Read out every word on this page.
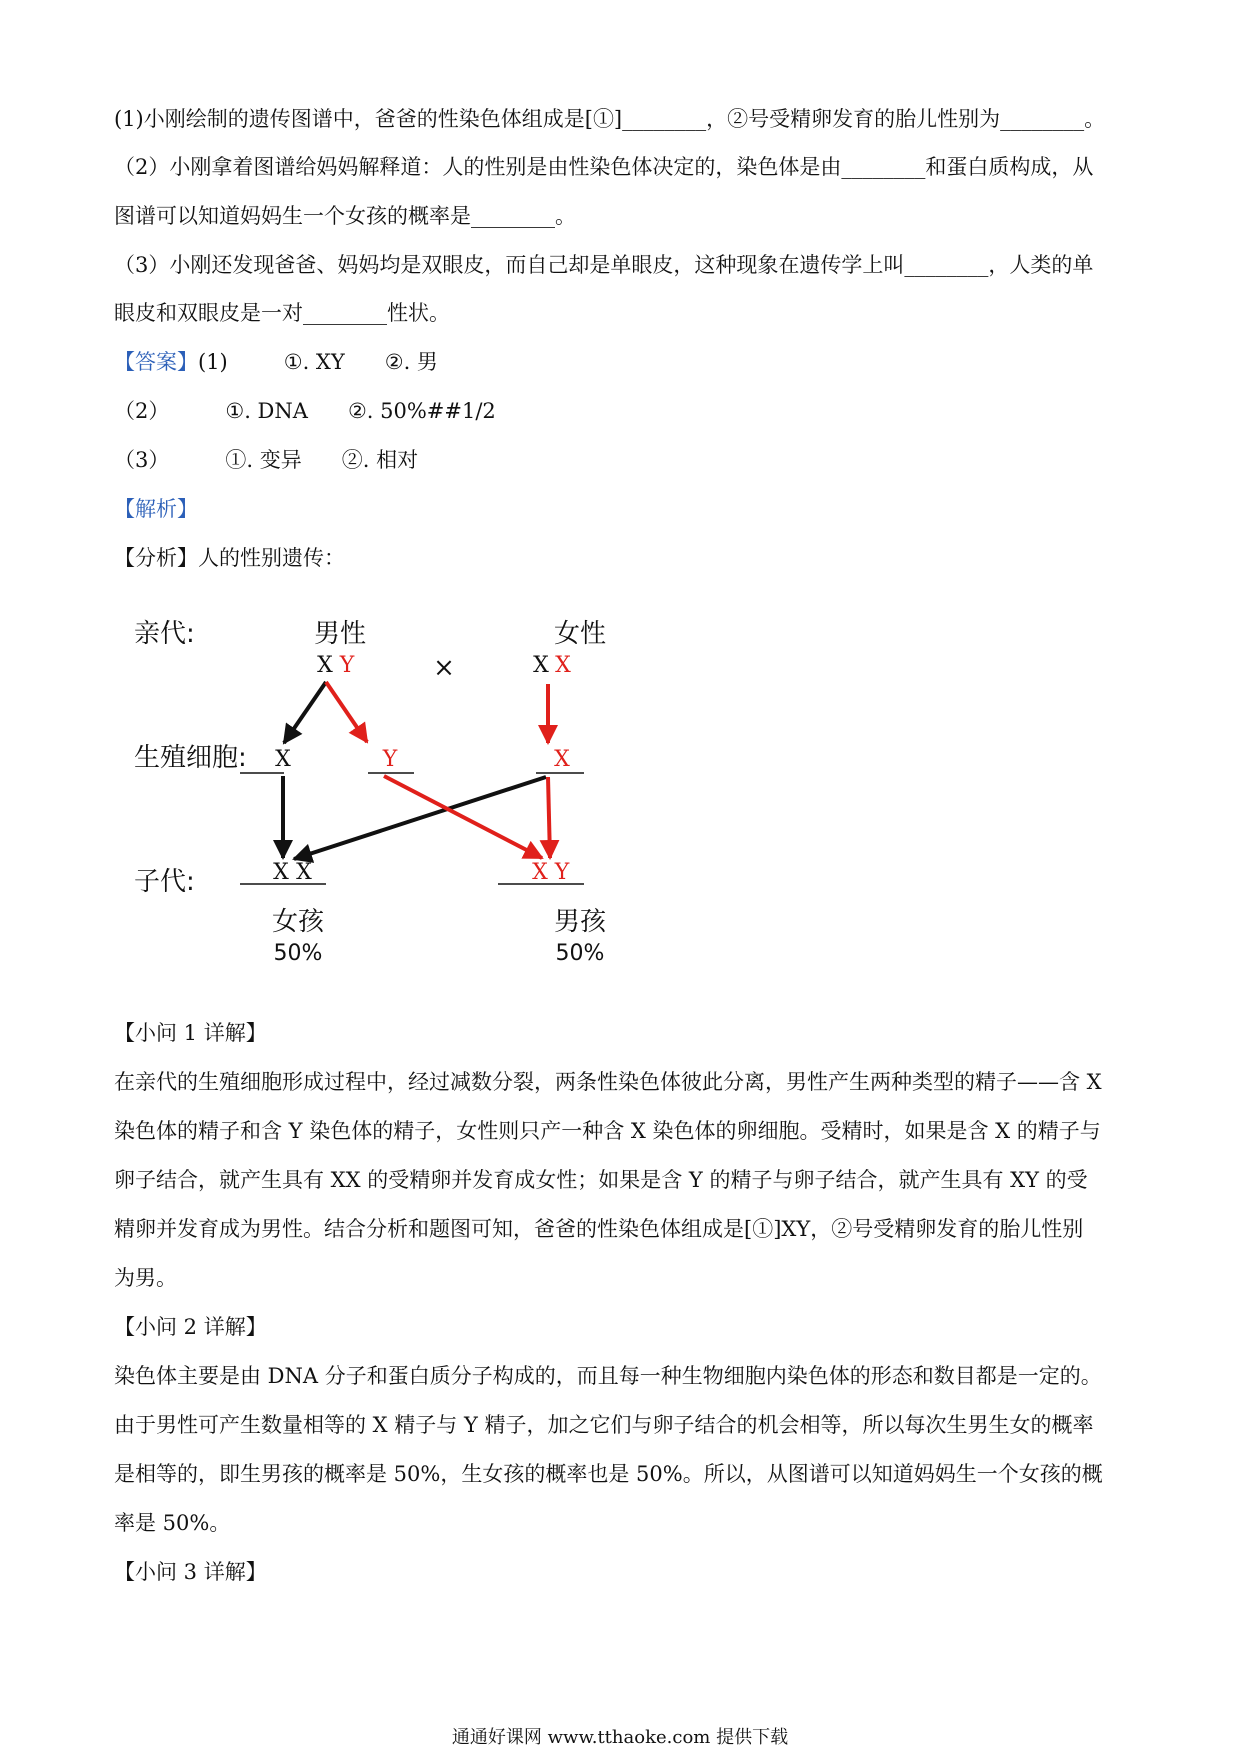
(1)小刚绘制的遗传图谱中，爸爸的性染色体组成是[①]________，②号受精卵发育的胎儿性别为________。
（2）小刚拿着图谱给妈妈解释道：人的性别是由性染色体决定的，染色体是由________和蛋白质构成，从
图谱可以知道妈妈生一个女孩的概率是________。
（3）小刚还发现爸爸、妈妈均是双眼皮，而自己却是单眼皮，这种现象在遗传学上叫________，人类的单
眼皮和双眼皮是一对________性状。
【答案】(1)	①. XY ②. 男
（2）	①. DNA ②. 50%##1/2
（3）	①. 变异 ②. 相对
【解析】
【分析】人的性别遗传：
亲代:
生殖细胞:
子代:
男性	女性
女孩	男孩
50%	50%
×
X Y	X X
X	Y	X
X X	X Y
【小问 1 详解】
在亲代的生殖细胞形成过程中，经过减数分裂，两条性染色体彼此分离，男性产生两种类型的精子——含 X
染色体的精子和含 Y 染色体的精子，女性则只产一种含 X 染色体的卵细胞。受精时，如果是含 X 的精子与
卵子结合，就产生具有 XX 的受精卵并发育成女性；如果是含 Y 的精子与卵子结合，就产生具有 XY 的受
精卵并发育成为男性。结合分析和题图可知，爸爸的性染色体组成是[①]XY，②号受精卵发育的胎儿性别
为男。
【小问 2 详解】
染色体主要是由 DNA 分子和蛋白质分子构成的，而且每一种生物细胞内染色体的形态和数目都是一定的。
由于男性可产生数量相等的 X 精子与 Y 精子，加之它们与卵子结合的机会相等，所以每次生男生女的概率
是相等的，即生男孩的概率是 50%，生女孩的概率也是 50%。所以，从图谱可以知道妈妈生一个女孩的概
率是 50%。
【小问 3 详解】
通通好课网 www.tthaoke.com 提供下载
